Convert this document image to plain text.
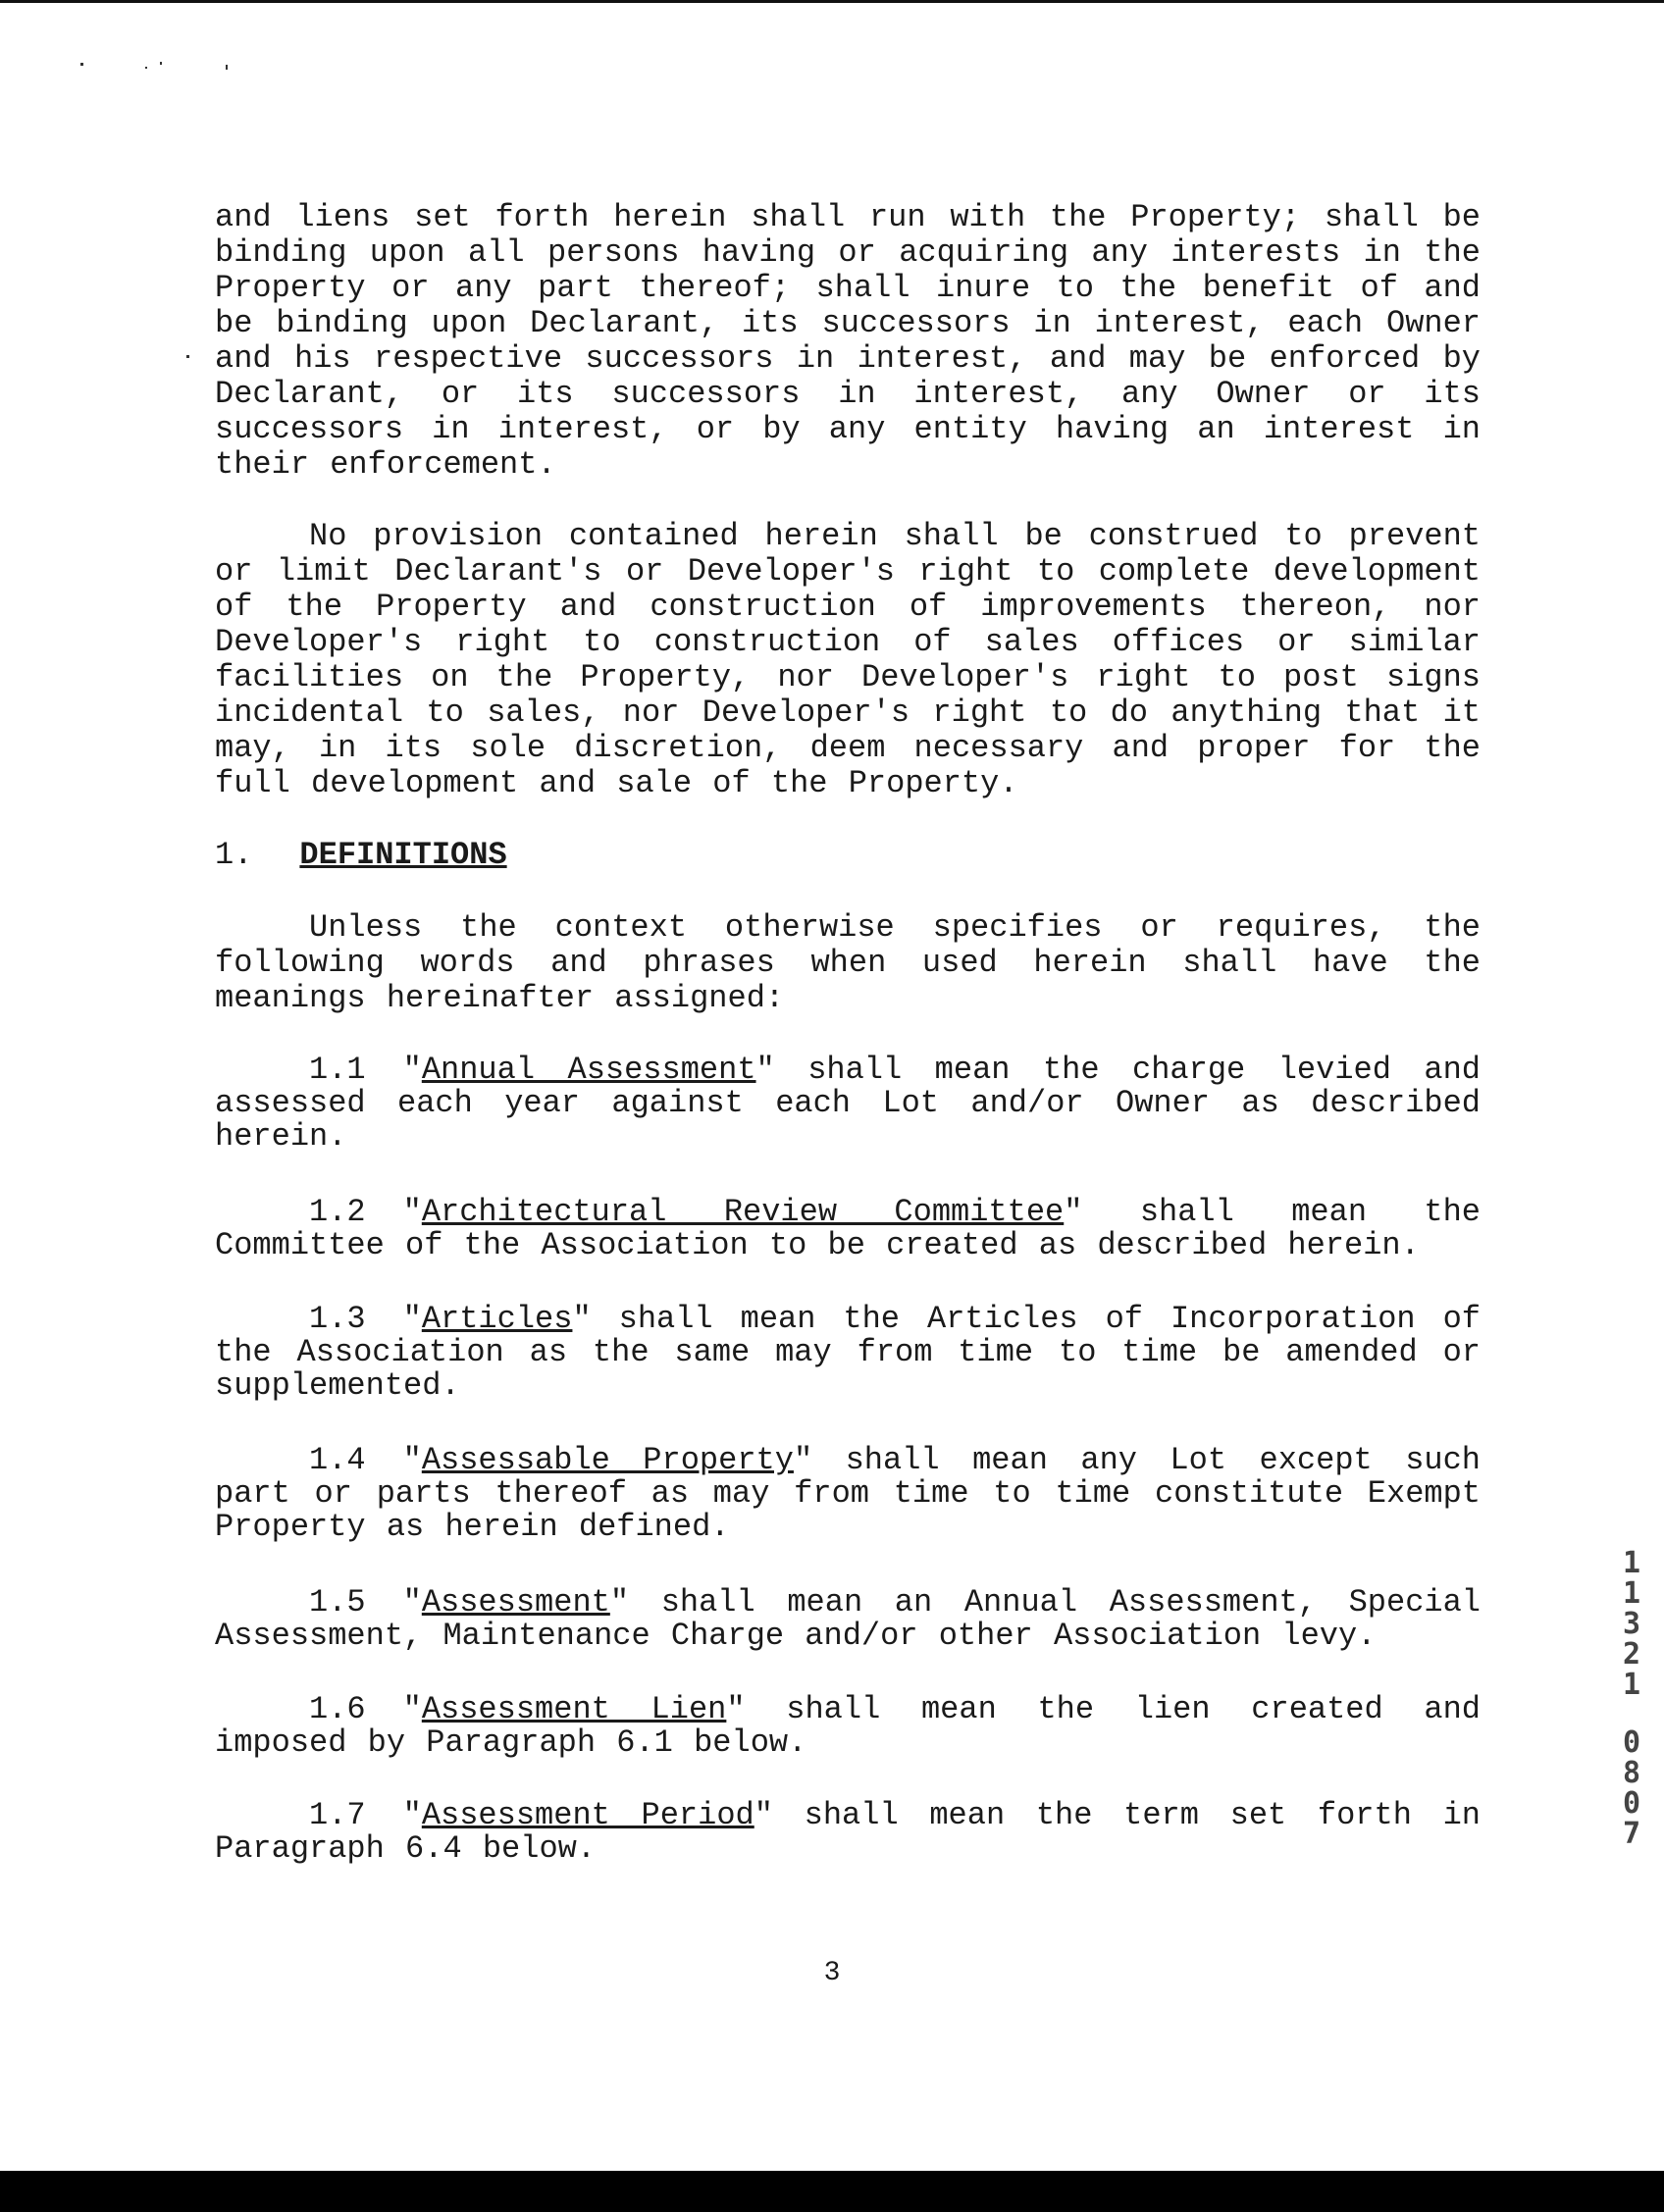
and liens set forth herein shall run with the Property; shall be binding upon all persons having or acquiring any interests in the Property or any part thereof; shall inure to the benefit of and be binding upon Declarant, its successors in interest, each Owner and his respective successors in interest, and may be enforced by Declarant, or its successors in interest, any Owner or its successors in interest, or by any entity having an interest in their enforcement.
No provision contained herein shall be construed to prevent or limit Declarant's or Developer's right to complete development of the Property and construction of improvements thereon, nor Developer's right to construction of sales offices or similar facilities on the Property, nor Developer's right to post signs incidental to sales, nor Developer's right to do anything that it may, in its sole discretion, deem necessary and proper for the full development and sale of the Property.
1. DEFINITIONS
Unless the context otherwise specifies or requires, the following words and phrases when used herein shall have the meanings hereinafter assigned:
1.1 "Annual Assessment" shall mean the charge levied and assessed each year against each Lot and/or Owner as described herein.
1.2 "Architectural Review Committee" shall mean the Committee of the Association to be created as described herein.
1.3 "Articles" shall mean the Articles of Incorporation of the Association as the same may from time to time be amended or supplemented.
1.4 "Assessable Property" shall mean any Lot except such part or parts thereof as may from time to time constitute Exempt Property as herein defined.
1.5 "Assessment" shall mean an Annual Assessment, Special Assessment, Maintenance Charge and/or other Association levy.
1.6 "Assessment Lien" shall mean the lien created and imposed by Paragraph 6.1 below.
1.7 "Assessment Period" shall mean the term set forth in Paragraph 6.4 below.
3
1
1
3
2
1
0
8
0
7
